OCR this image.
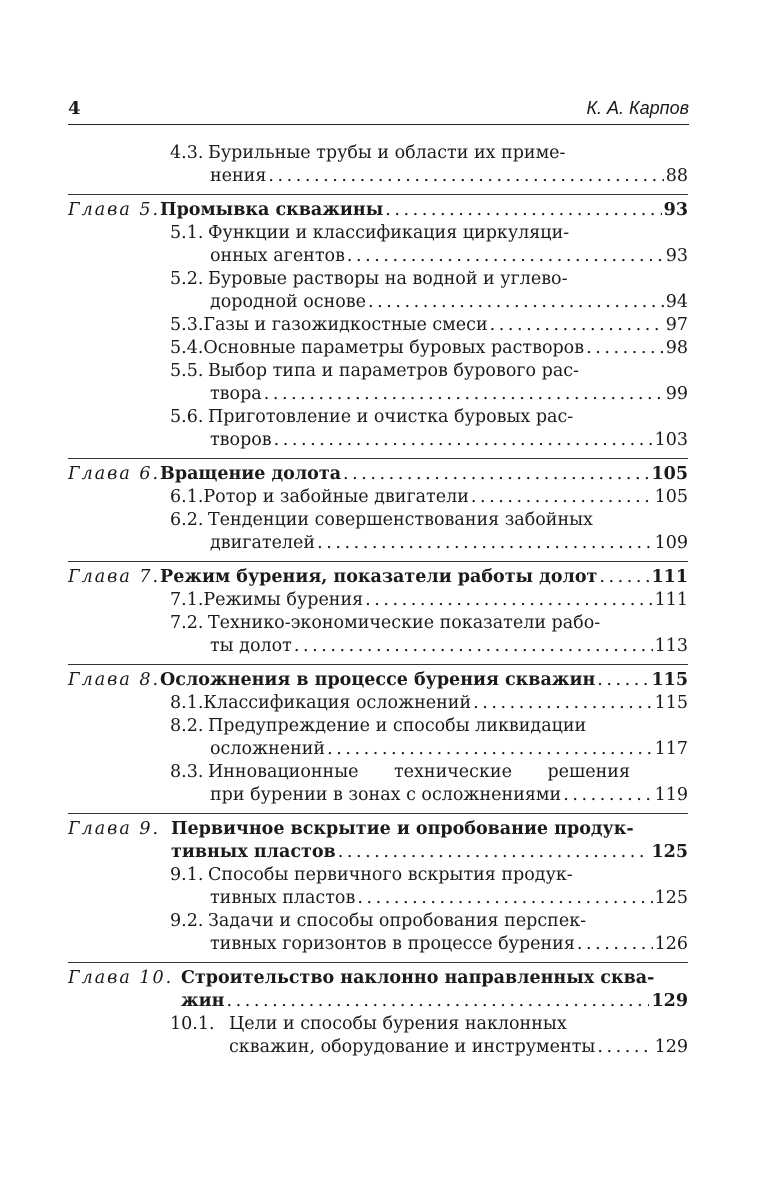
4	К. А. Карпов
4.3. Бурильные трубы и области их приме-
нения . . .	88
Глава 5. Промывка скважины . . .	93
5.1. Функции и классификация циркуляци-
онных агентов . . .	93
5.2. Буровые растворы на водной и углево-
дородной основе . . .	94
5.3. Газы и газожидкостные смеси . . .	97
5.4. Основные параметры буровых растворов . . .	98
5.5. Выбор типа и параметров бурового рас-
твора . . .	99
5.6. Приготовление и очистка буровых рас-
творов . . .	103
Глава 6. Вращение долота . . .	105
6.1. Ротор и забойные двигатели . . .	105
6.2. Тенденции совершенствования забойных
двигателей . . .	109
Глава 7. Режим бурения, показатели работы долот . . .	111
7.1. Режимы бурения . . .	111
7.2. Технико-экономические показатели рабо-
ты долот . . .	113
Глава 8. Осложнения в процессе бурения скважин . . .	115
8.1. Классификация осложнений . . .	115
8.2. Предупреждение и способы ликвидации
осложнений . . .	117
8.3. Инновационные технические решения
при бурении в зонах с осложнениями . . .	119
Глава 9. Первичное вскрытие и опробование продук-
тивных пластов . . .	125
9.1. Способы первичного вскрытия продук-
тивных пластов . . .	125
9.2. Задачи и способы опробования перспек-
тивных горизонтов в процессе бурения . . .	126
Глава 10. Строительство наклонно направленных сква-
жин . . .	129
10.1. Цели и способы бурения наклонных
скважин, оборудование и инструменты . . .	129
